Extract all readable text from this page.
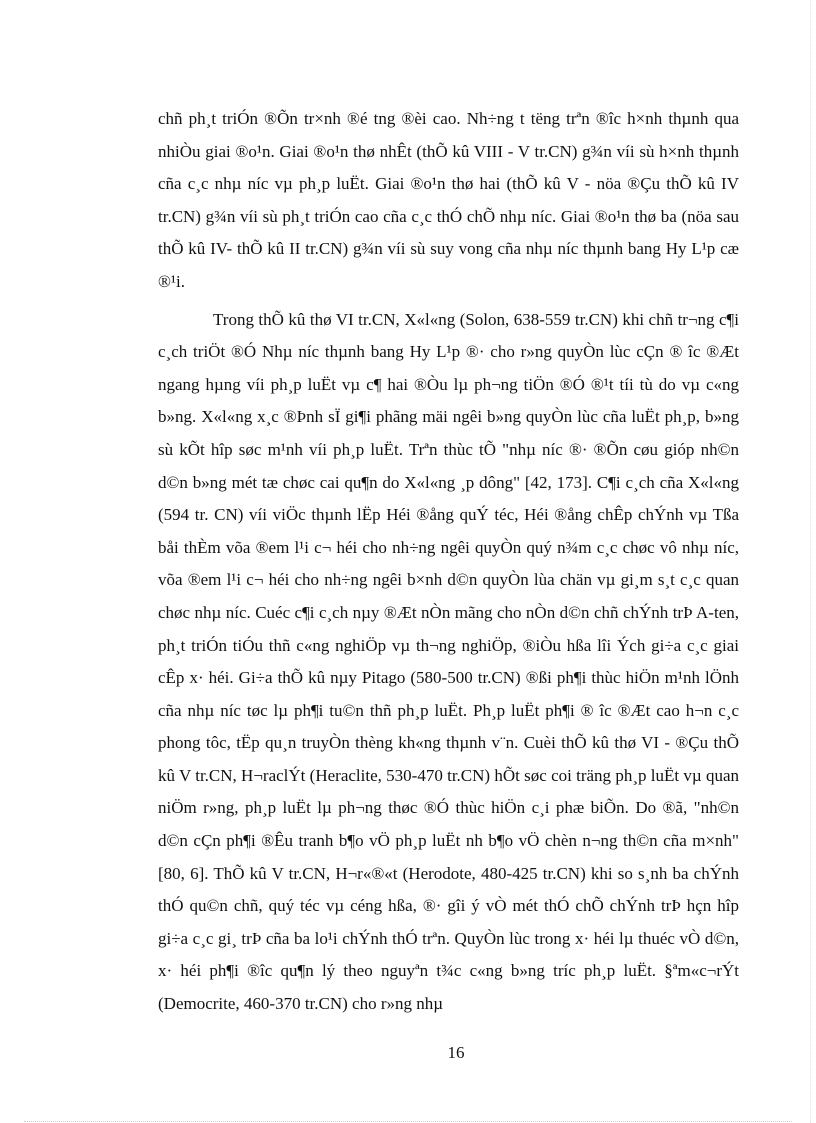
chñ ph¸t triÓn ®Õn tr×nh ®é tng ®èi cao. Nh÷ng t tëng trªn ®îc h×nh thµnh qua nhiÒu giai ®o¹n. Giai ®o¹n thø nhÊt (thÕ kû VIII - V tr.CN) g¾n víi sù h×nh thµnh cña c¸c nhµ níc vµ ph¸p luËt. Giai ®o¹n thø hai (thÕ kû V - nöa ®Çu thÕ kû IV tr.CN) g¾n víi sù ph¸t triÓn cao cña c¸c thÓ chÕ nhµ níc. Giai ®o¹n thø ba (nöa sau thÕ kû IV- thÕ kû II tr.CN) g¾n víi sù suy vong cña nhµ níc thµnh bang Hy L¹p cæ ®¹i.

Trong thÕ kû thø VI tr.CN, X«l«ng (Solon, 638-559 tr.CN) khi chñ tr¬ng c¶i c¸ch triÖt ®Ó Nhµ níc thµnh bang Hy L¹p ®· cho r»ng quyÒn lùc cÇn ® îc ®Æt ngang hµng víi ph¸p luËt vµ c¶ hai ®Òu lµ ph¬ng tiÖn ®Ó ®¹t tíi tù do vµ c«ng b»ng. X«l«ng x¸c ®Þnh sÏ gi¶i phãng mäi ngêi b»ng quyÒn lùc cña luËt ph¸p, b»ng sù kÕt hîp søc m¹nh víi ph¸p luËt. Trªn thùc tÕ "nhµ níc ®· ®Õn cøu gióp nh©n d©n b»ng mét tæ chøc cai qu¶n do X«l«ng ¸p dông" [42, 173]. C¶i c¸ch cña X«l«ng (594 tr. CN) víi viÖc thµnh lËp Héi ®ång quÝ téc, Héi ®ång chÊp chÝnh vµ Tßa båi thÈm võa ®em l¹i c¬ héi cho nh÷ng ngêi quyÒn quý n¾m c¸c chøc vô nhµ níc, võa ®em l¹i c¬ héi cho nh÷ng ngêi b×nh d©n quyÒn lùa chän vµ gi¸m s¸t c¸c quan chøc nhµ níc. Cuéc c¶i c¸ch nµy ®Æt nÒn mãng cho nÒn d©n chñ chÝnh trÞ A-ten, ph¸t triÓn tiÓu thñ c«ng nghiÖp vµ th¬ng nghiÖp, ®iÒu hßa lîi Ých gi÷a c¸c giai cÊp x· héi. Gi÷a thÕ kû nµy Pitago (580-500 tr.CN) ®ßi ph¶i thùc hiÖn m¹nh lÖnh cña nhµ níc tøc lµ ph¶i tu©n thñ ph¸p luËt. Ph¸p luËt ph¶i ® îc ®Æt cao h¬n c¸c phong tôc, tËp qu¸n truyÒn thèng kh«ng thµnh v¨n. Cuèi thÕ kû thø VI - ®Çu thÕ kû V tr.CN, H¬raclÝt (Heraclite, 530-470 tr.CN) hÕt søc coi träng ph¸p luËt vµ quan niÖm r»ng, ph¸p luËt lµ ph¬ng thøc ®Ó thùc hiÖn c¸i phæ biÕn. Do ®ã, "nh©n d©n cÇn ph¶i ®Êu tranh b¶o vÖ ph¸p luËt nh b¶o vÖ chèn n¬ng th©n cña m×nh" [80, 6]. ThÕ kû V tr.CN, H¬r«®«t (Herodote, 480-425 tr.CN) khi so s¸nh ba chÝnh thÓ qu©n chñ, quý téc vµ céng hßa, ®· gîi ý vÒ mét thÓ chÕ chÝnh trÞ hçn hîp gi÷a c¸c gi¸ trÞ cña ba lo¹i chÝnh thÓ trªn. QuyÒn lùc trong x· héi lµ thuéc vÒ d©n, x· héi ph¶i ®îc qu¶n lý theo nguyªn t¾c c«ng b»ng tríc ph¸p luËt. §ªm«c¬rÝt (Democrite, 460-370 tr.CN) cho r»ng nhµ

16
